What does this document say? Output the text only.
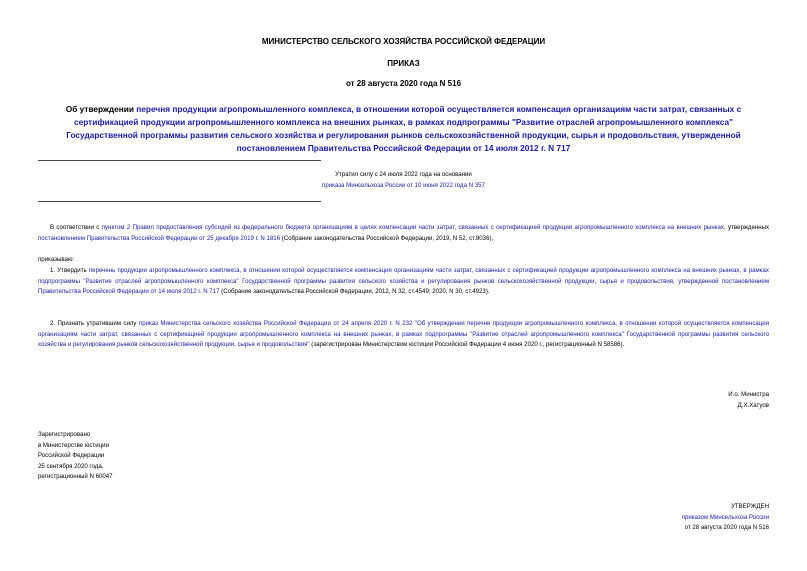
МИНИСТЕРСТВО СЕЛЬСКОГО ХОЗЯЙСТВА РОССИЙСКОЙ ФЕДЕРАЦИИ
ПРИКАЗ
от 28 августа 2020 года N 516
Об утверждении перечня продукции агропромышленного комплекса, в отношении которой осуществляется компенсация организациям части затрат, связанных с сертификацией продукции агропромышленного комплекса на внешних рынках, в рамках подпрограммы "Развитие отраслей агропромышленного комплекса" Государственной программы развития сельского хозяйства и регулирования рынков сельскохозяйственной продукции, сырья и продовольствия, утвержденной постановлением Правительства Российской Федерации от 14 июля 2012 г. N 717
Утратил силу с 24 июля 2022 года на основании
приказа Минсельхоза России от 10 июня 2022 года N 357
В соответствии с пунктом 2 Правил предоставления субсидий из федерального бюджета организациям в целях компенсации части затрат, связанных с сертификацией продукции агропромышленного комплекса на внешних рынках, утвержденных постановлением Правительства Российской Федерации от 25 декабря 2019 г. N 1816 (Собрание законодательства Российской Федерации, 2019, N 52, ст.8036),
приказываю:
1. Утвердить перечень продукции агропромышленного комплекса, в отношении которой осуществляется компенсация организациям части затрат, связанных с сертификацией продукции агропромышленного комплекса на внешних рынках, в рамках подпрограммы "Развитие отраслей агропромышленного комплекса" Государственной программы развития сельского хозяйства и регулирования рынков сельскохозяйственной продукции, сырья и продовольствия, утвержденной постановлением Правительства Российской Федерации от 14 июля 2012 г. N 717 (Собрание законодательства Российской Федерации, 2012, N 32, ст.4549; 2020, N 30, ст.4923).
2. Признать утратившим силу приказ Министерства сельского хозяйства Российской Федерации от 24 апреля 2020 г. N 232 "Об утверждении перечня продукции агропромышленного комплекса, в отношении которой осуществляется компенсация организациям части затрат, связанных с сертификацией продукции агропромышленного комплекса на внешних рынках, в рамках подпрограммы "Развитие отраслей агропромышленного комплекса" Государственной программы развития сельского хозяйства и регулирования рынков сельскохозяйственной продукции, сырья и продовольствия" (зарегистрирован Министерством юстиции Российской Федерации 4 июня 2020 г., регистрационный N 58586).
И.о. Министра
Д.Х.Хатуов
Зарегистрировано
в Министерстве юстиции
Российской Федерации
25 сентября 2020 года,
регистрационный N 60047
УТВЕРЖДЕН
приказом Минсельхоза России
от 28 августа 2020 года N 516
